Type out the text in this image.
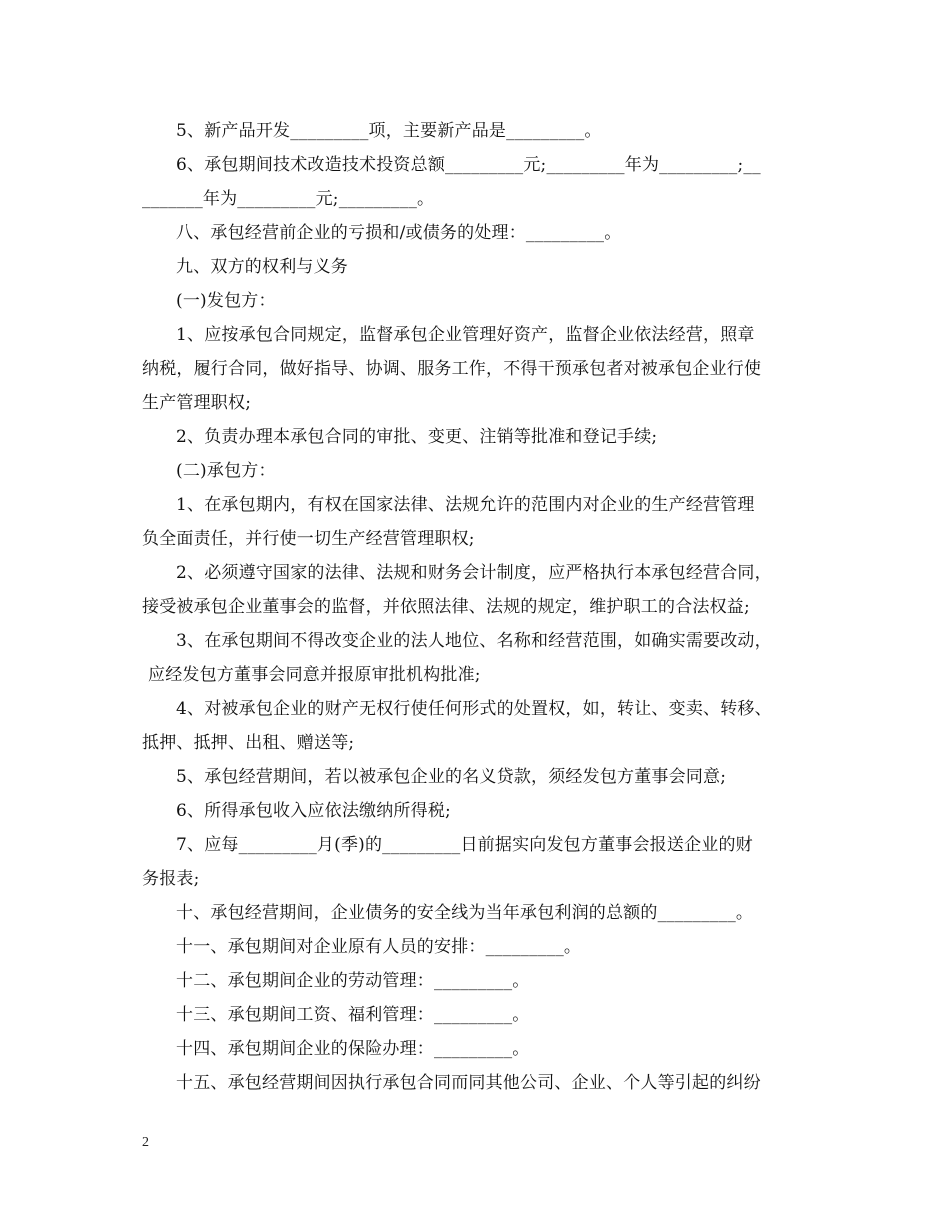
5、新产品开发_________项，主要新产品是_________。
6、承包期间技术改造技术投资总额_________元;_________年为_________;__
_______年为_________元;_________。
八、承包经营前企业的亏损和/或债务的处理：_________。
九、双方的权利与义务
(一)发包方：
1、应按承包合同规定，监督承包企业管理好资产，监督企业依法经营，照章
纳税，履行合同，做好指导、协调、服务工作，不得干预承包者对被承包企业行使
生产管理职权;
2、负责办理本承包合同的审批、变更、注销等批准和登记手续;
(二)承包方：
1、在承包期内，有权在国家法律、法规允许的范围内对企业的生产经营管理
负全面责任，并行使一切生产经营管理职权;
2、必须遵守国家的法律、法规和财务会计制度，应严格执行本承包经营合同，
接受被承包企业董事会的监督，并依照法律、法规的规定，维护职工的合法权益;
3、在承包期间不得改变企业的法人地位、名称和经营范围，如确实需要改动，
应经发包方董事会同意并报原审批机构批准;
4、对被承包企业的财产无权行使任何形式的处置权，如，转让、变卖、转移、
抵押、抵押、出租、赠送等;
5、承包经营期间，若以被承包企业的名义贷款，须经发包方董事会同意;
6、所得承包收入应依法缴纳所得税;
7、应每_________月(季)的_________日前据实向发包方董事会报送企业的财
务报表;
十、承包经营期间，企业债务的安全线为当年承包利润的总额的_________。
十一、承包期间对企业原有人员的安排：_________。
十二、承包期间企业的劳动管理：_________。
十三、承包期间工资、福利管理：_________。
十四、承包期间企业的保险办理：_________。
十五、承包经营期间因执行承包合同而同其他公司、企业、个人等引起的纠纷
2
